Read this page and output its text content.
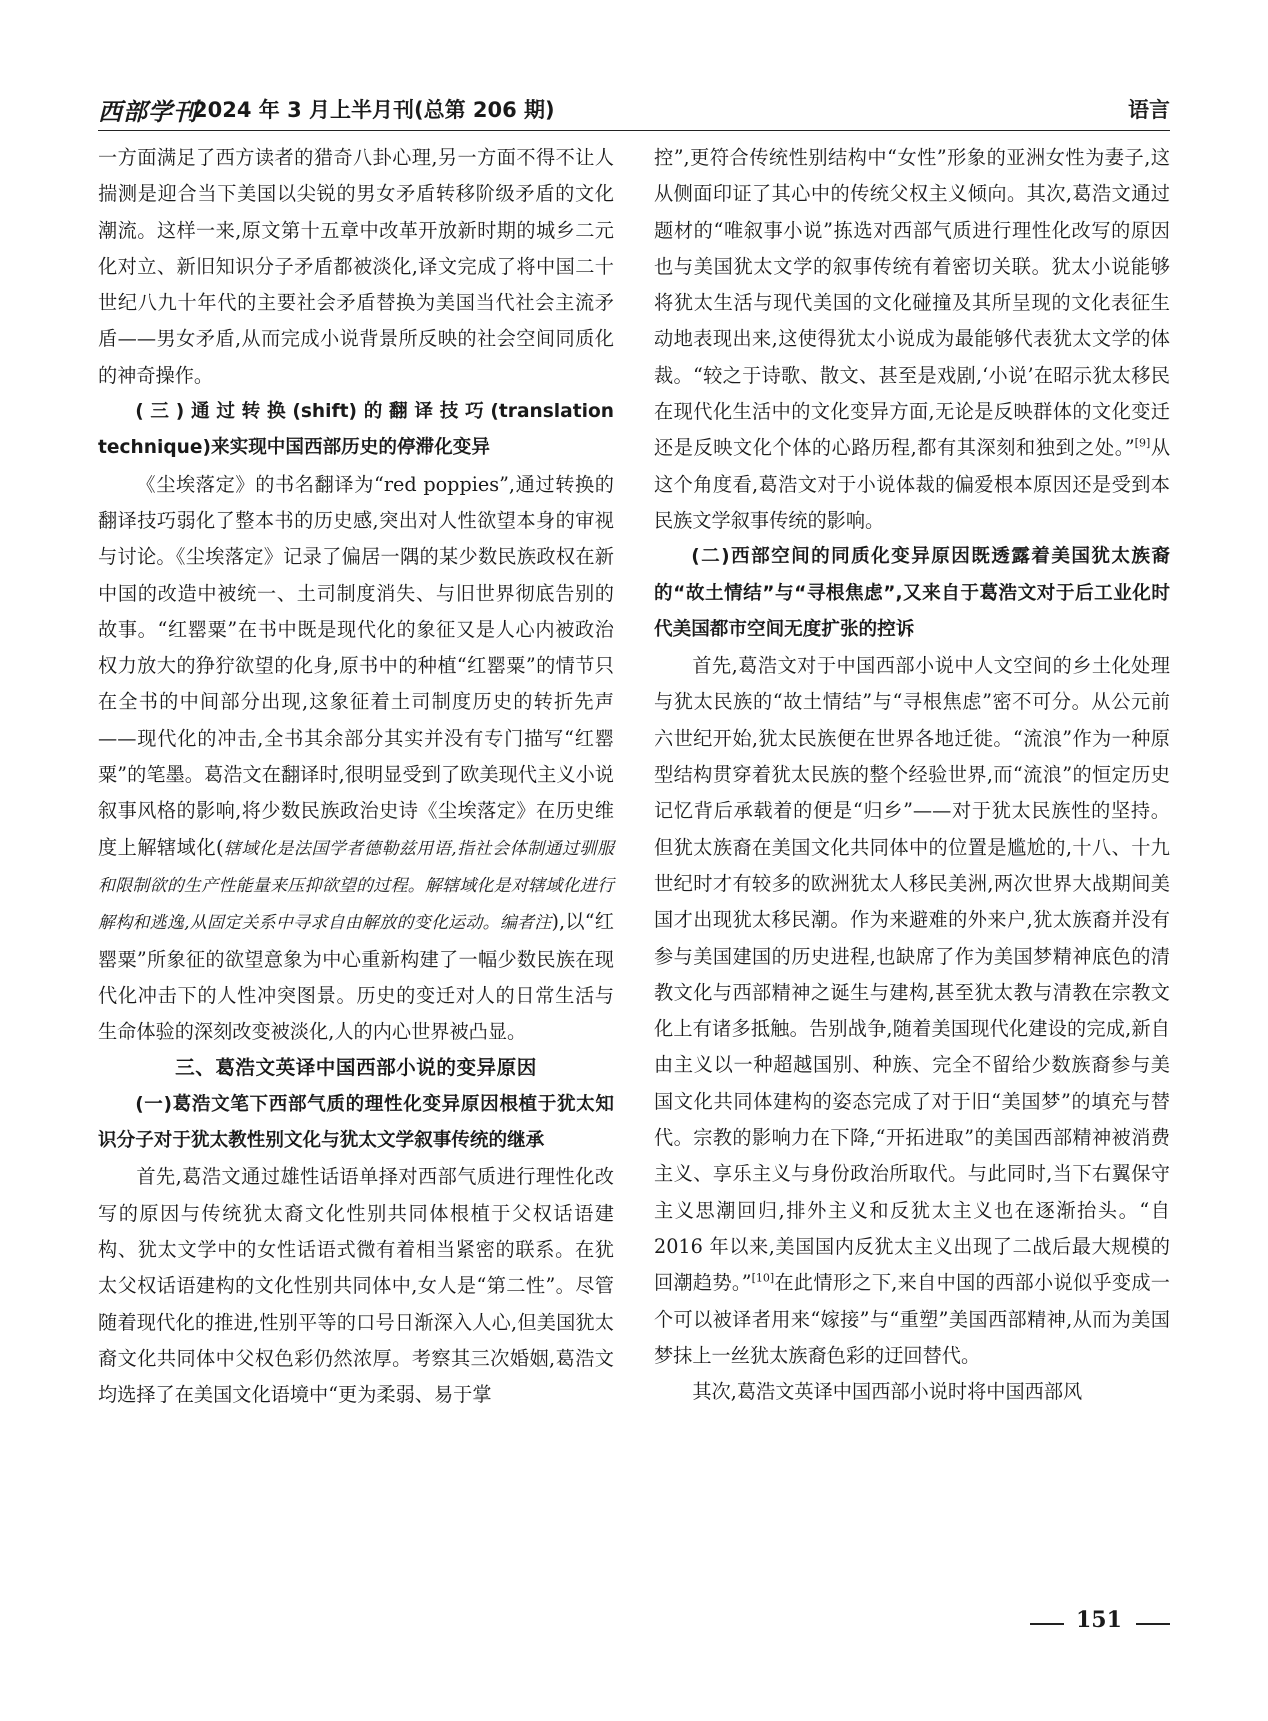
西部学刊
2024 年 3 月上半月刊(总第 206 期)	语言

一方面满足了西方读者的猎奇八卦心理,另一方面不得不让人揣测是迎合当下美国以尖锐的男女矛盾转移阶级矛盾的文化潮流。这样一来,原文第十五章中改革开放新时期的城乡二元化对立、新旧知识分子矛盾都被淡化,译文完成了将中国二十世纪八九十年代的主要社会矛盾替换为美国当代社会主流矛盾——男女矛盾,从而完成小说背景所反映的社会空间同质化的神奇操作。

(三)通过转换(shift)的翻译技巧(translation technique)来实现中国西部历史的停滞化变异

《尘埃落定》的书名翻译为“red poppies”,通过转换的翻译技巧弱化了整本书的历史感,突出对人性欲望本身的审视与讨论。《尘埃落定》记录了偏居一隅的某少数民族政权在新中国的改造中被统一、土司制度消失、与旧世界彻底告别的故事。“红罂粟”在书中既是现代化的象征又是人心内被政治权力放大的狰狞欲望的化身,原书中的种植“红罂粟”的情节只在全书的中间部分出现,这象征着土司制度历史的转折先声——现代化的冲击,全书其余部分其实并没有专门描写“红罂粟”的笔墨。葛浩文在翻译时,很明显受到了欧美现代主义小说叙事风格的影响,将少数民族政治史诗《尘埃落定》在历史维度上解辖域化(辖域化是法国学者德勒兹用语,指社会体制通过驯服和限制欲的生产性能量来压抑欲望的过程。解辖域化是对辖域化进行解构和逃逸,从固定关系中寻求自由解放的变化运动。编者注),以“红罂粟”所象征的欲望意象为中心重新构建了一幅少数民族在现代化冲击下的人性冲突图景。历史的变迁对人的日常生活与生命体验的深刻改变被淡化,人的内心世界被凸显。

三、葛浩文英译中国西部小说的变异原因

(一)葛浩文笔下西部气质的理性化变异原因根植于犹太知识分子对于犹太教性别文化与犹太文学叙事传统的继承

首先,葛浩文通过雄性话语单择对西部气质进行理性化改写的原因与传统犹太裔文化性别共同体根植于父权话语建构、犹太文学中的女性话语式微有着相当紧密的联系。在犹太父权话语建构的文化性别共同体中,女人是“第二性”。尽管随着现代化的推进,性别平等的口号日渐深入人心,但美国犹太裔文化共同体中父权色彩仍然浓厚。考察其三次婚姻,葛浩文均选择了在美国文化语境中“更为柔弱、易于掌

控”,更符合传统性别结构中“女性”形象的亚洲女性为妻子,这从侧面印证了其心中的传统父权主义倾向。其次,葛浩文通过题材的“唯叙事小说”拣选对西部气质进行理性化改写的原因也与美国犹太文学的叙事传统有着密切关联。犹太小说能够将犹太生活与现代美国的文化碰撞及其所呈现的文化表征生动地表现出来,这使得犹太小说成为最能够代表犹太文学的体裁。“较之于诗歌、散文、甚至是戏剧,‘小说’在昭示犹太移民在现代化生活中的文化变异方面,无论是反映群体的文化变迁还是反映文化个体的心路历程,都有其深刻和独到之处。”[9]从这个角度看,葛浩文对于小说体裁的偏爱根本原因还是受到本民族文学叙事传统的影响。

(二)西部空间的同质化变异原因既透露着美国犹太族裔的“故土情结”与“寻根焦虑”,又来自于葛浩文对于后工业化时代美国都市空间无度扩张的控诉

首先,葛浩文对于中国西部小说中人文空间的乡土化处理与犹太民族的“故土情结”与“寻根焦虑”密不可分。从公元前六世纪开始,犹太民族便在世界各地迁徙。“流浪”作为一种原型结构贯穿着犹太民族的整个经验世界,而“流浪”的恒定历史记忆背后承载着的便是“归乡”——对于犹太民族性的坚持。但犹太族裔在美国文化共同体中的位置是尴尬的,十八、十九世纪时才有较多的欧洲犹太人移民美洲,两次世界大战期间美国才出现犹太移民潮。作为来避难的外来户,犹太族裔并没有参与美国建国的历史进程,也缺席了作为美国梦精神底色的清教文化与西部精神之诞生与建构,甚至犹太教与清教在宗教文化上有诸多抵触。告别战争,随着美国现代化建设的完成,新自由主义以一种超越国别、种族、完全不留给少数族裔参与美国文化共同体建构的姿态完成了对于旧“美国梦”的填充与替代。宗教的影响力在下降,“开拓进取”的美国西部精神被消费主义、享乐主义与身份政治所取代。与此同时,当下右翼保守主义思潮回归,排外主义和反犹太主义也在逐渐抬头。“自 2016 年以来,美国国内反犹太主义出现了二战后最大规模的回潮趋势。”[10]在此情形之下,来自中国的西部小说似乎变成一个可以被译者用来“嫁接”与“重塑”美国西部精神,从而为美国梦抹上一丝犹太族裔色彩的迂回替代。

其次,葛浩文英译中国西部小说时将中国西部风

151
